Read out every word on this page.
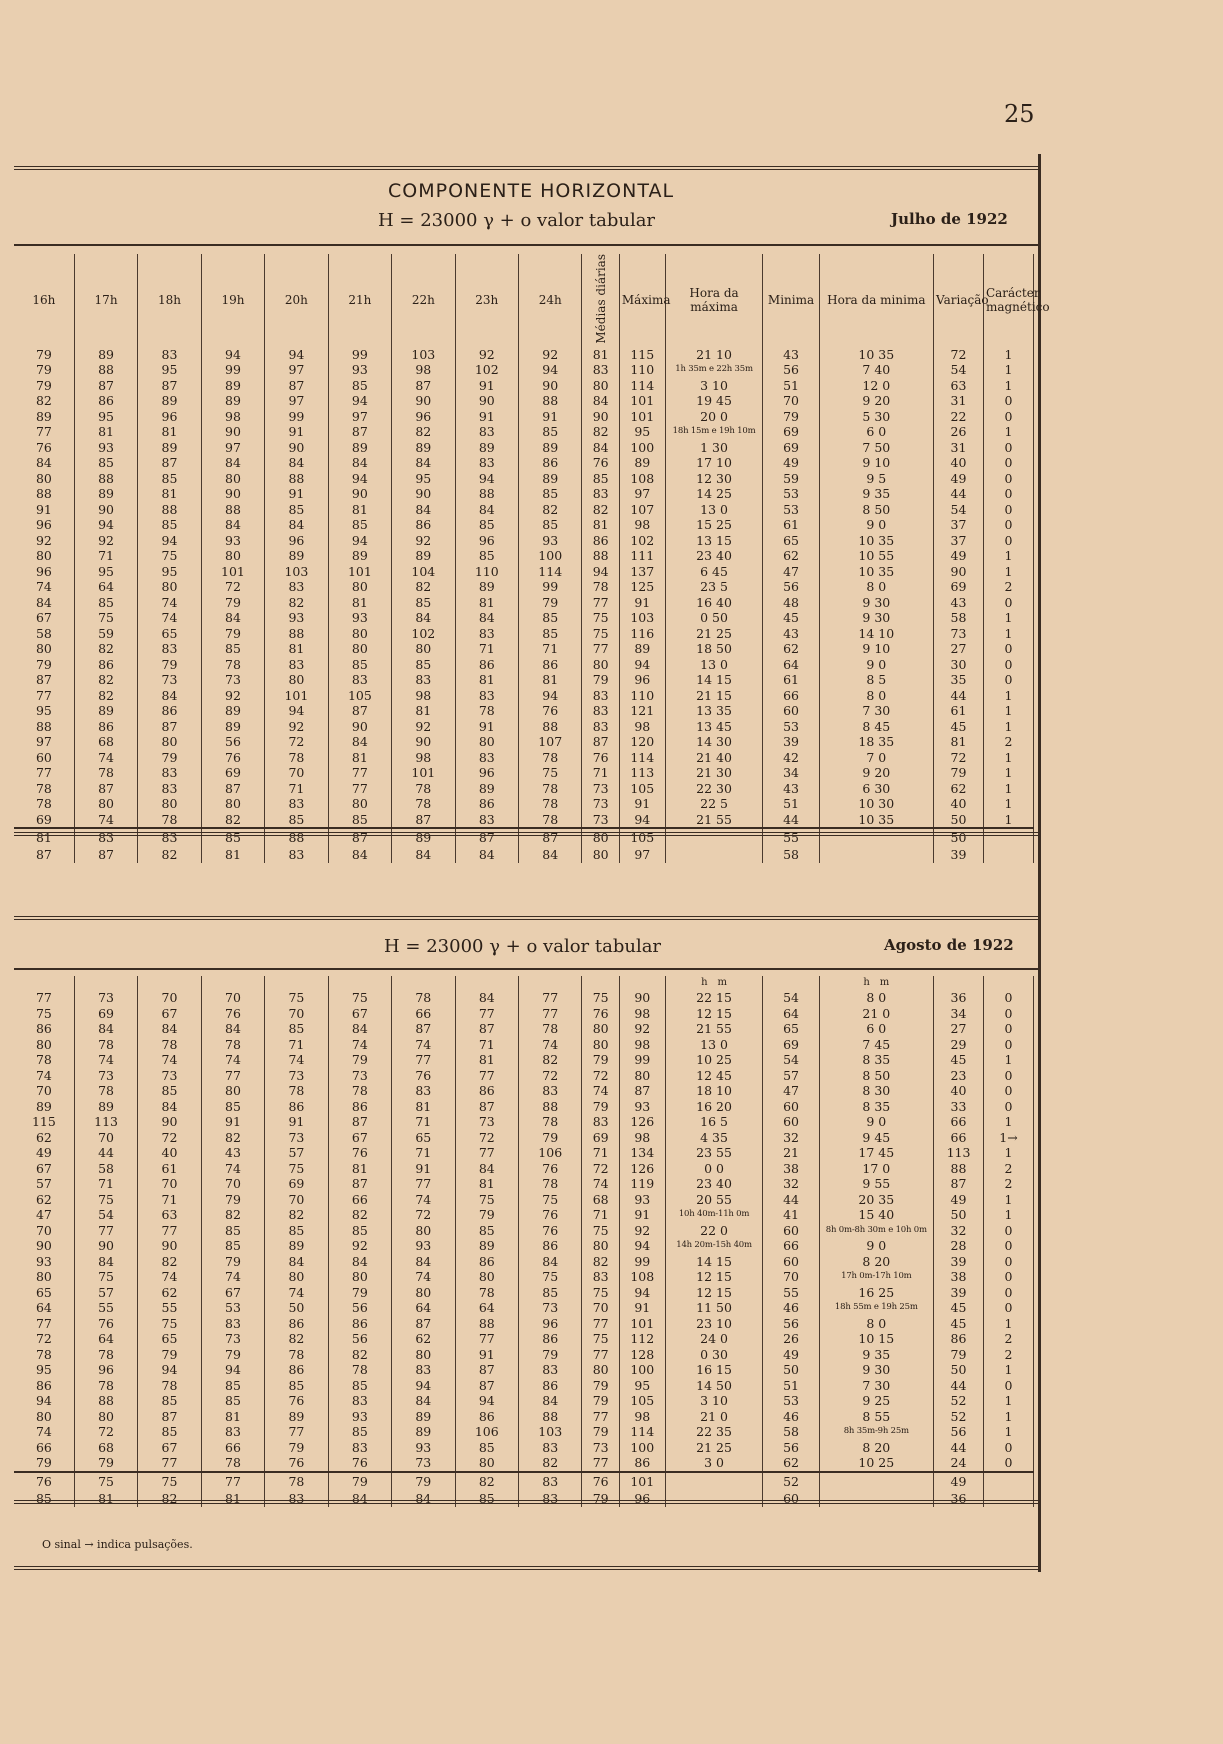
25
COMPONENTE HORIZONTAL
H = 23000 γ + o valor tabular	Julho de 1922
16h	17h	18h	19h	20h	21h	22h	23h	24h	Médias diárias	Máxima	Hora da máxima	Minima	Hora da minima	Variação	Carácter magnético
79	89	83	94	94	99	103	92	92	81	115	21 10	43	10 35	72	1
79	88	95	99	97	93	98	102	94	83	110	1h 35m e 22h 35m	56	7 40	54	1
79	87	87	89	87	85	87	91	90	80	114	3 10	51	12 0	63	1
82	86	89	89	97	94	90	90	88	84	101	19 45	70	9 20	31	0
89	95	96	98	99	97	96	91	91	90	101	20 0	79	5 30	22	0
77	81	81	90	91	87	82	83	85	82	95	18h 15m e 19h 10m	69	6 0	26	1
76	93	89	97	90	89	89	89	89	84	100	1 30	69	7 50	31	0
84	85	87	84	84	84	84	83	86	76	89	17 10	49	9 10	40	0
80	88	85	80	88	94	95	94	89	85	108	12 30	59	9 5	49	0
88	89	81	90	91	90	90	88	85	83	97	14 25	53	9 35	44	0
91	90	88	88	85	81	84	84	82	82	107	13 0	53	8 50	54	0
96	94	85	84	84	85	86	85	85	81	98	15 25	61	9 0	37	0
92	92	94	93	96	94	92	96	93	86	102	13 15	65	10 35	37	0
80	71	75	80	89	89	89	85	100	88	111	23 40	62	10 55	49	1
96	95	95	101	103	101	104	110	114	94	137	6 45	47	10 35	90	1
74	64	80	72	83	80	82	89	99	78	125	23 5	56	8 0	69	2
84	85	74	79	82	81	85	81	79	77	91	16 40	48	9 30	43	0
67	75	74	84	93	93	84	84	85	75	103	0 50	45	9 30	58	1
58	59	65	79	88	80	102	83	85	75	116	21 25	43	14 10	73	1
80	82	83	85	81	80	80	71	71	77	89	18 50	62	9 10	27	0
79	86	79	78	83	85	85	86	86	80	94	13 0	64	9 0	30	0
87	82	73	73	80	83	83	81	81	79	96	14 15	61	8 5	35	0
77	82	84	92	101	105	98	83	94	83	110	21 15	66	8 0	44	1
95	89	86	89	94	87	81	78	76	83	121	13 35	60	7 30	61	1
88	86	87	89	92	90	92	91	88	83	98	13 45	53	8 45	45	1
97	68	80	56	72	84	90	80	107	87	120	14 30	39	18 35	81	2
60	74	79	76	78	81	98	83	78	76	114	21 40	42	7 0	72	1
77	78	83	69	70	77	101	96	75	71	113	21 30	34	9 20	79	1
78	87	83	87	71	77	78	89	78	73	105	22 30	43	6 30	62	1
78	80	80	80	83	80	78	86	78	73	91	22 5	51	10 30	40	1
69	74	78	82	85	85	87	83	78	73	94	21 55	44	10 35	50	1
81	83	83	85	88	87	89	87	87	80	105		55		50	
87	87	82	81	83	84	84	84	84	80	97		58		39	
H = 23000 γ + o valor tabular	Agosto de 1922
											h m		h m		
77	73	70	70	75	75	78	84	77	75	90	22 15	54	8 0	36	0
75	69	67	76	70	67	66	77	77	76	98	12 15	64	21 0	34	0
86	84	84	84	85	84	87	87	78	80	92	21 55	65	6 0	27	0
80	78	78	78	71	74	74	71	74	80	98	13 0	69	7 45	29	0
78	74	74	74	74	79	77	81	82	79	99	10 25	54	8 35	45	1
74	73	73	77	73	73	76	77	72	72	80	12 45	57	8 50	23	0
70	78	85	80	78	78	83	86	83	74	87	18 10	47	8 30	40	0
89	89	84	85	86	86	81	87	88	79	93	16 20	60	8 35	33	0
115	113	90	91	91	87	71	73	78	83	126	16 5	60	9 0	66	1
62	70	72	82	73	67	65	72	79	69	98	4 35	32	9 45	66	1→
49	44	40	43	57	76	71	77	106	71	134	23 55	21	17 45	113	1
67	58	61	74	75	81	91	84	76	72	126	0 0	38	17 0	88	2
57	71	70	70	69	87	77	81	78	74	119	23 40	32	9 55	87	2
62	75	71	79	70	66	74	75	75	68	93	20 55	44	20 35	49	1
47	54	63	82	82	82	72	79	76	71	91	10h 40m-11h 0m	41	15 40	50	1
70	77	77	85	85	85	80	85	76	75	92	22 0	60	8h 0m-8h 30m e 10h 0m	32	0
90	90	90	85	89	92	93	89	86	80	94	14h 20m-15h 40m	66	9 0	28	0
93	84	82	79	84	84	84	86	84	82	99	14 15	60	8 20	39	0
80	75	74	74	80	80	74	80	75	83	108	12 15	70	17h 0m-17h 10m	38	0
65	57	62	67	74	79	80	78	85	75	94	12 15	55	16 25	39	0
64	55	55	53	50	56	64	64	73	70	91	11 50	46	18h 55m e 19h 25m	45	0
77	76	75	83	86	86	87	88	96	77	101	23 10	56	8 0	45	1
72	64	65	73	82	56	62	77	86	75	112	24 0	26	10 15	86	2
78	78	79	79	78	82	80	91	79	77	128	0 30	49	9 35	79	2
95	96	94	94	86	78	83	87	83	80	100	16 15	50	9 30	50	1
86	78	78	85	85	85	94	87	86	79	95	14 50	51	7 30	44	0
94	88	85	85	76	83	84	94	84	79	105	3 10	53	9 25	52	1
80	80	87	81	89	93	89	86	88	77	98	21 0	46	8 55	52	1
74	72	85	83	77	85	89	106	103	79	114	22 35	58	8h 35m-9h 25m	56	1
66	68	67	66	79	83	93	85	83	73	100	21 25	56	8 20	44	0
79	79	77	78	76	76	73	80	82	77	86	3 0	62	10 25	24	0
76	75	75	77	78	79	79	82	83	76	101		52		49	
85	81	82	81	83	84	84	85	83	79	96		60		36	
O sinal → indica pulsações.
